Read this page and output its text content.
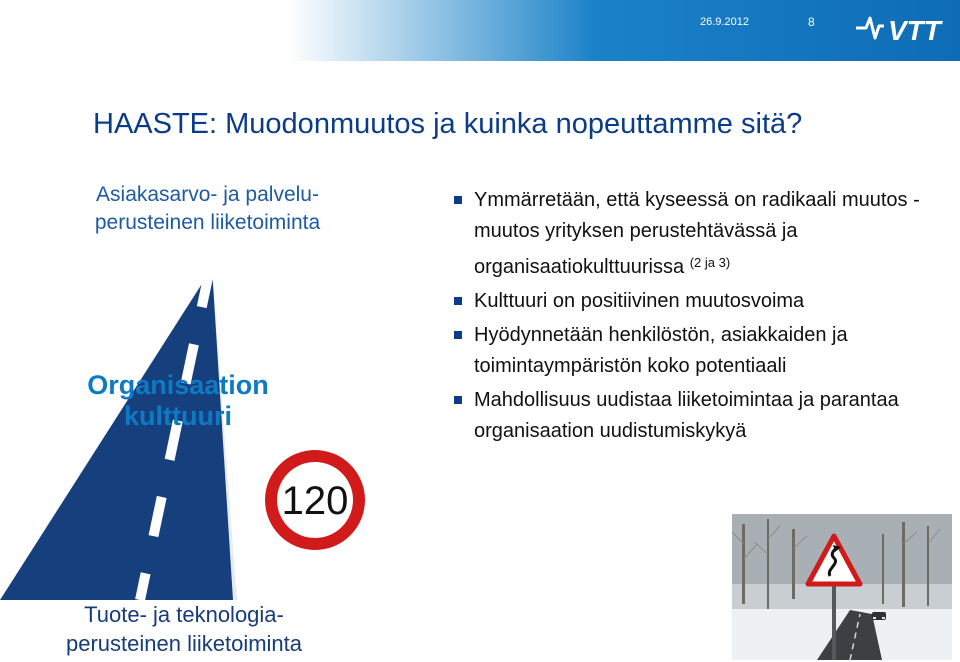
26.9.2012	8	VTT
HAASTE: Muodonmuutos ja kuinka nopeuttamme sitä?
Asiakasarvo- ja palvelu-
perusteinen liiketoiminta
Organisaation
kulttuuri
Tuote- ja teknologia-
perusteinen liiketoiminta
120
Ymmärretään, että kyseessä on radikaali muutos - muutos yrityksen perustehtävässä ja organisaatiokulttuurissa $^{(2 ja 3)}$
Kulttuuri on positiivinen muutosvoima
Hyödynnetään henkilöstön, asiakkaiden ja toimintaympäristön koko potentiaali
Mahdollisuus uudistaa liiketoimintaa ja parantaa organisaation uudistumiskykyä
